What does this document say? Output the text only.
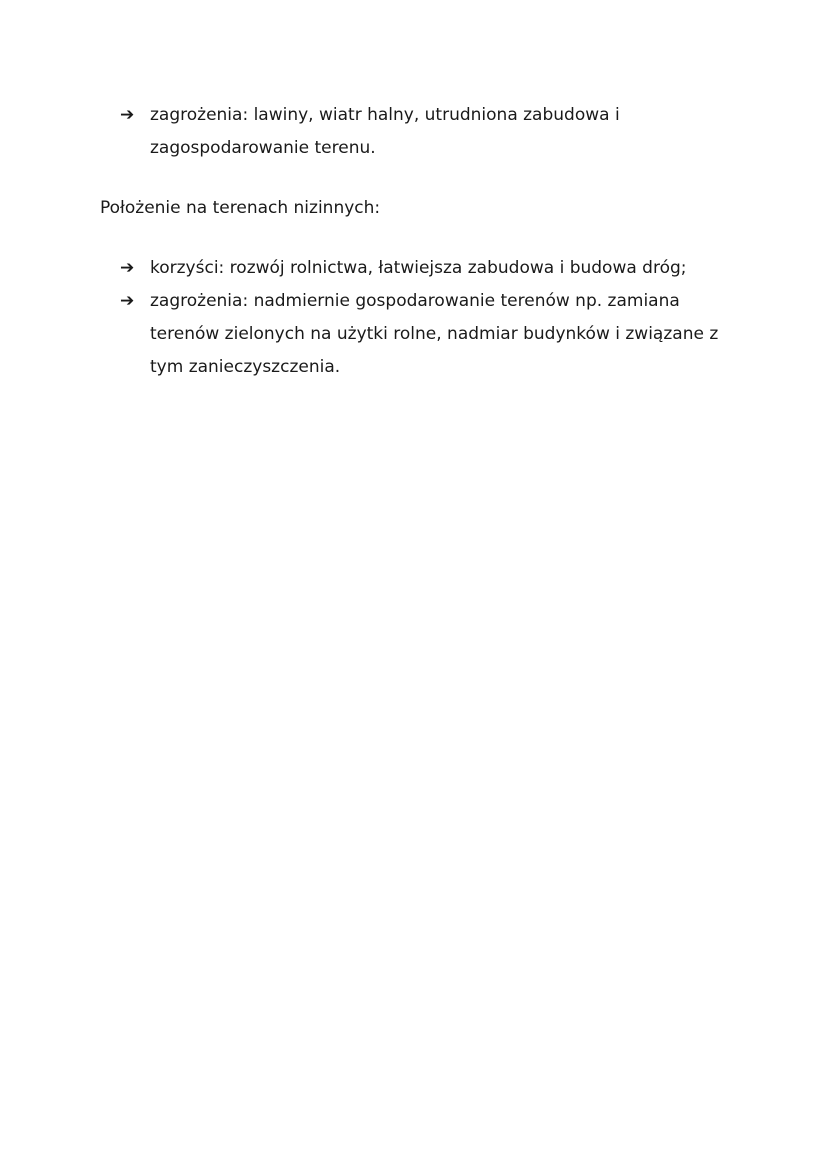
➔ zagrożenia: lawiny, wiatr halny, utrudniona zabudowa i zagospodarowanie terenu.

Położenie na terenach nizinnych:

➔ korzyści: rozwój rolnictwa, łatwiejsza zabudowa i budowa dróg;
➔ zagrożenia: nadmiernie gospodarowanie terenów np. zamiana terenów zielonych na użytki rolne, nadmiar budynków i związane z tym zanieczyszczenia.
